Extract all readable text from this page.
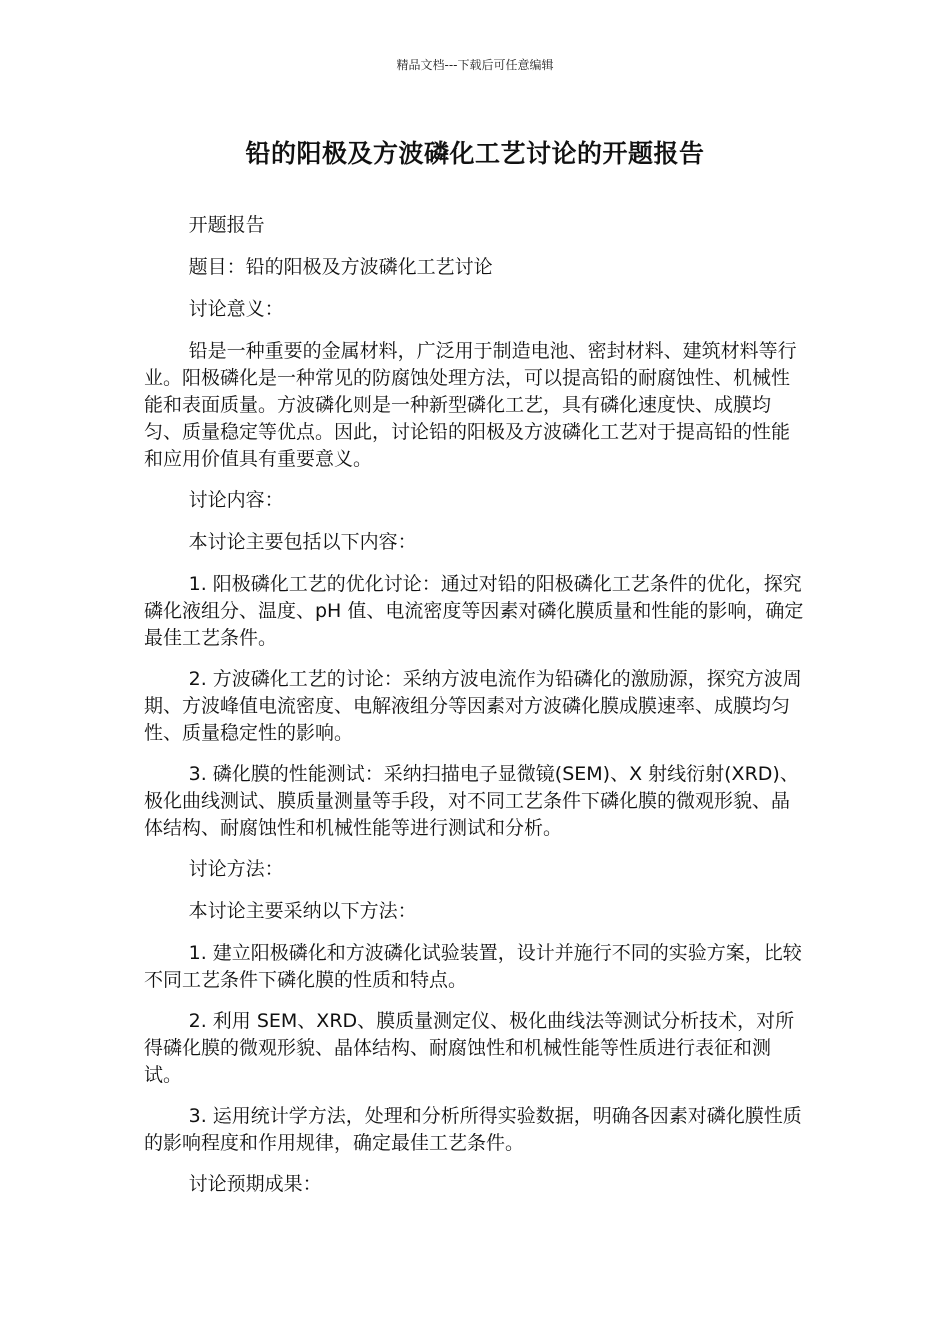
精品文档---下载后可任意编辑
铅的阳极及方波磷化工艺讨论的开题报告

开题报告

题目：铅的阳极及方波磷化工艺讨论

讨论意义：

铅是一种重要的金属材料，广泛用于制造电池、密封材料、建筑材料等行业。阳极磷化是一种常见的防腐蚀处理方法，可以提高铅的耐腐蚀性、机械性能和表面质量。方波磷化则是一种新型磷化工艺，具有磷化速度快、成膜均匀、质量稳定等优点。因此，讨论铅的阳极及方波磷化工艺对于提高铅的性能和应用价值具有重要意义。

讨论内容：

本讨论主要包括以下内容：

1. 阳极磷化工艺的优化讨论：通过对铅的阳极磷化工艺条件的优化，探究磷化液组分、温度、pH 值、电流密度等因素对磷化膜质量和性能的影响，确定最佳工艺条件。

2. 方波磷化工艺的讨论：采纳方波电流作为铅磷化的激励源，探究方波周期、方波峰值电流密度、电解液组分等因素对方波磷化膜成膜速率、成膜均匀性、质量稳定性的影响。

3. 磷化膜的性能测试：采纳扫描电子显微镜(SEM)、X 射线衍射(XRD)、极化曲线测试、膜质量测量等手段，对不同工艺条件下磷化膜的微观形貌、晶体结构、耐腐蚀性和机械性能等进行测试和分析。

讨论方法：

本讨论主要采纳以下方法：

1. 建立阳极磷化和方波磷化试验装置，设计并施行不同的实验方案，比较不同工艺条件下磷化膜的性质和特点。

2. 利用 SEM、XRD、膜质量测定仪、极化曲线法等测试分析技术，对所得磷化膜的微观形貌、晶体结构、耐腐蚀性和机械性能等性质进行表征和测试。

3. 运用统计学方法，处理和分析所得实验数据，明确各因素对磷化膜性质的影响程度和作用规律，确定最佳工艺条件。

讨论预期成果：
